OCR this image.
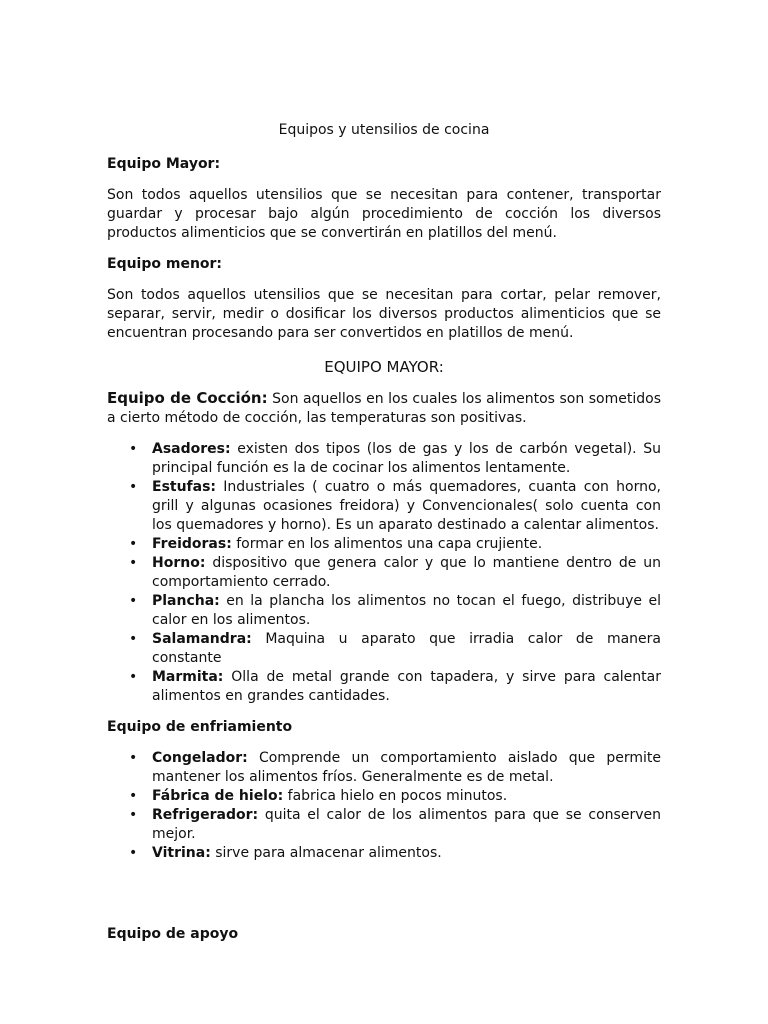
Equipos y utensilios de cocina

Equipo Mayor:

Son todos aquellos utensilios que se necesitan para contener, transportar guardar y procesar bajo algún procedimiento de cocción los diversos productos alimenticios que se convertirán en platillos del menú.

Equipo menor:

Son todos aquellos utensilios que se necesitan para cortar, pelar remover, separar, servir, medir o dosificar los diversos productos alimenticios que se encuentran procesando para ser convertidos en platillos de menú.

EQUIPO MAYOR:

Equipo de Cocción: Son aquellos en los cuales los alimentos son sometidos a cierto método de cocción, las temperaturas son positivas.

• Asadores: existen dos tipos (los de gas y los de carbón vegetal). Su principal función es la de cocinar los alimentos lentamente.
• Estufas: Industriales ( cuatro o más quemadores, cuanta con horno, grill y algunas ocasiones freidora) y Convencionales( solo cuenta con los quemadores y horno). Es un aparato destinado a calentar alimentos.
• Freidoras: formar en los alimentos una capa crujiente.
• Horno: dispositivo que genera calor y que lo mantiene dentro de un comportamiento cerrado.
• Plancha: en la plancha los alimentos no tocan el fuego, distribuye el calor en los alimentos.
• Salamandra: Maquina u aparato que irradia calor de manera constante
• Marmita: Olla de metal grande con tapadera, y sirve para calentar alimentos en grandes cantidades.

Equipo de enfriamiento

• Congelador: Comprende un comportamiento aislado que permite mantener los alimentos fríos. Generalmente es de metal.
• Fábrica de hielo: fabrica hielo en pocos minutos.
• Refrigerador: quita el calor de los alimentos para que se conserven mejor.
• Vitrina: sirve para almacenar alimentos.

Equipo de apoyo
